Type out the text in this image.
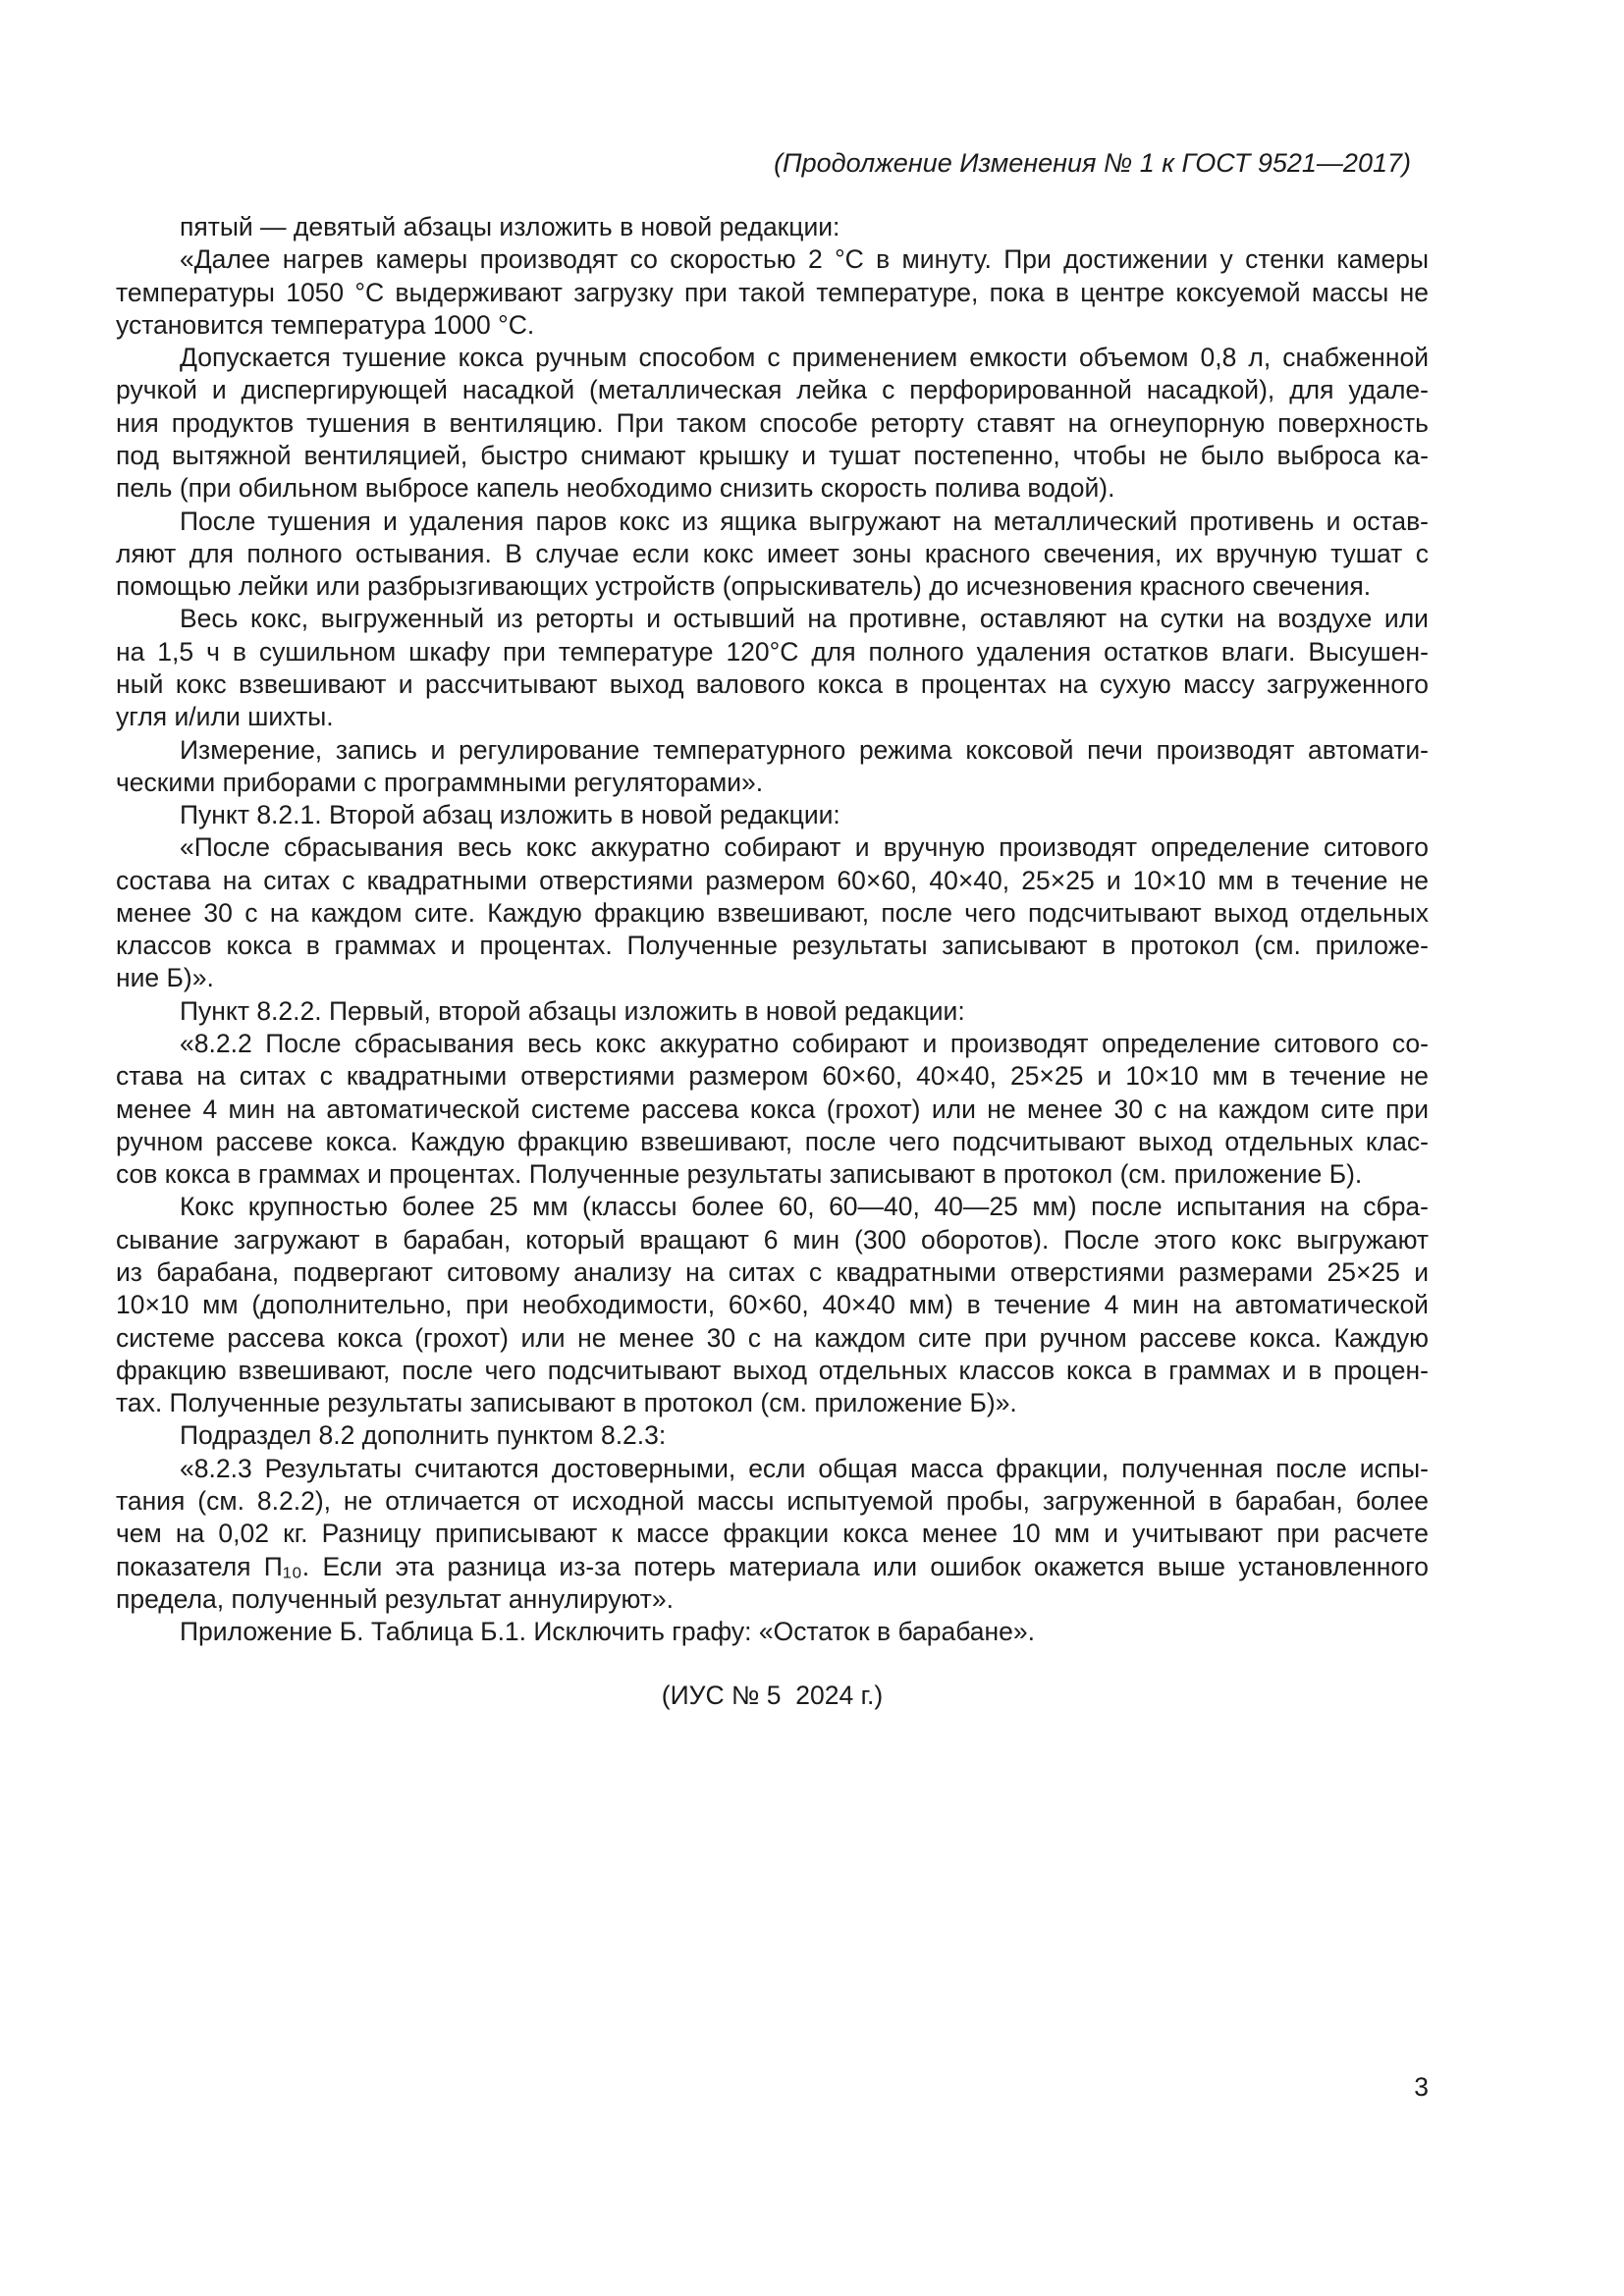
(Продолжение Изменения № 1 к ГОСТ 9521—2017)
пятый — девятый абзацы изложить в новой редакции:
«Далее нагрев камеры производят со скоростью 2 °С в минуту. При достижении у стенки камеры
температуры 1050 °С выдерживают загрузку при такой температуре, пока в центре коксуемой массы не
установится температура 1000 °С.
Допускается тушение кокса ручным способом с применением емкости объемом 0,8 л, снабженной
ручкой и диспергирующей насадкой (металлическая лейка с перфорированной насадкой), для удале-
ния продуктов тушения в вентиляцию. При таком способе реторту ставят на огнеупорную поверхность
под вытяжной вентиляцией, быстро снимают крышку и тушат постепенно, чтобы не было выброса ка-
пель (при обильном выбросе капель необходимо снизить скорость полива водой).
После тушения и удаления паров кокс из ящика выгружают на металлический противень и остав-
ляют для полного остывания. В случае если кокс имеет зоны красного свечения, их вручную тушат с
помощью лейки или разбрызгивающих устройств (опрыскиватель) до исчезновения красного свечения.
Весь кокс, выгруженный из реторты и остывший на противне, оставляют на сутки на воздухе или
на 1,5 ч в сушильном шкафу при температуре 120°С для полного удаления остатков влаги. Высушен-
ный кокс взвешивают и рассчитывают выход валового кокса в процентах на сухую массу загруженного
угля и/или шихты.
Измерение, запись и регулирование температурного режима коксовой печи производят автомати-
ческими приборами с программными регуляторами».
Пункт 8.2.1. Второй абзац изложить в новой редакции:
«После сбрасывания весь кокс аккуратно собирают и вручную производят определение ситового
состава на ситах с квадратными отверстиями размером 60×60, 40×40, 25×25 и 10×10 мм в течение не
менее 30 с на каждом сите. Каждую фракцию взвешивают, после чего подсчитывают выход отдельных
классов кокса в граммах и процентах. Полученные результаты записывают в протокол (см. приложе-
ние Б)».
Пункт 8.2.2. Первый, второй абзацы изложить в новой редакции:
«8.2.2 После сбрасывания весь кокс аккуратно собирают и производят определение ситового со-
става на ситах с квадратными отверстиями размером 60×60, 40×40, 25×25 и 10×10 мм в течение не
менее 4 мин на автоматической системе рассева кокса (грохот) или не менее 30 с на каждом сите при
ручном рассеве кокса. Каждую фракцию взвешивают, после чего подсчитывают выход отдельных клас-
сов кокса в граммах и процентах. Полученные результаты записывают в протокол (см. приложение Б).
Кокс крупностью более 25 мм (классы более 60, 60—40, 40—25 мм) после испытания на сбра-
сывание загружают в барабан, который вращают 6 мин (300 оборотов). После этого кокс выгружают
из барабана, подвергают ситовому анализу на ситах с квадратными отверстиями размерами 25×25 и
10×10 мм (дополнительно, при необходимости, 60×60, 40×40 мм) в течение 4 мин на автоматической
системе рассева кокса (грохот) или не менее 30 с на каждом сите при ручном рассеве кокса. Каждую
фракцию взвешивают, после чего подсчитывают выход отдельных классов кокса в граммах и в процен-
тах. Полученные результаты записывают в протокол (см. приложение Б)».
Подраздел 8.2 дополнить пунктом 8.2.3:
«8.2.3 Результаты считаются достоверными, если общая масса фракции, полученная после испы-
тания (см. 8.2.2), не отличается от исходной массы испытуемой пробы, загруженной в барабан, более
чем на 0,02 кг. Разницу приписывают к массе фракции кокса менее 10 мм и учитывают при расчете
показателя П₁₀. Если эта разница из-за потерь материала или ошибок окажется выше установленного
предела, полученный результат аннулируют».
Приложение Б. Таблица Б.1. Исключить графу: «Остаток в барабане».
(ИУС № 5  2024 г.)
3
